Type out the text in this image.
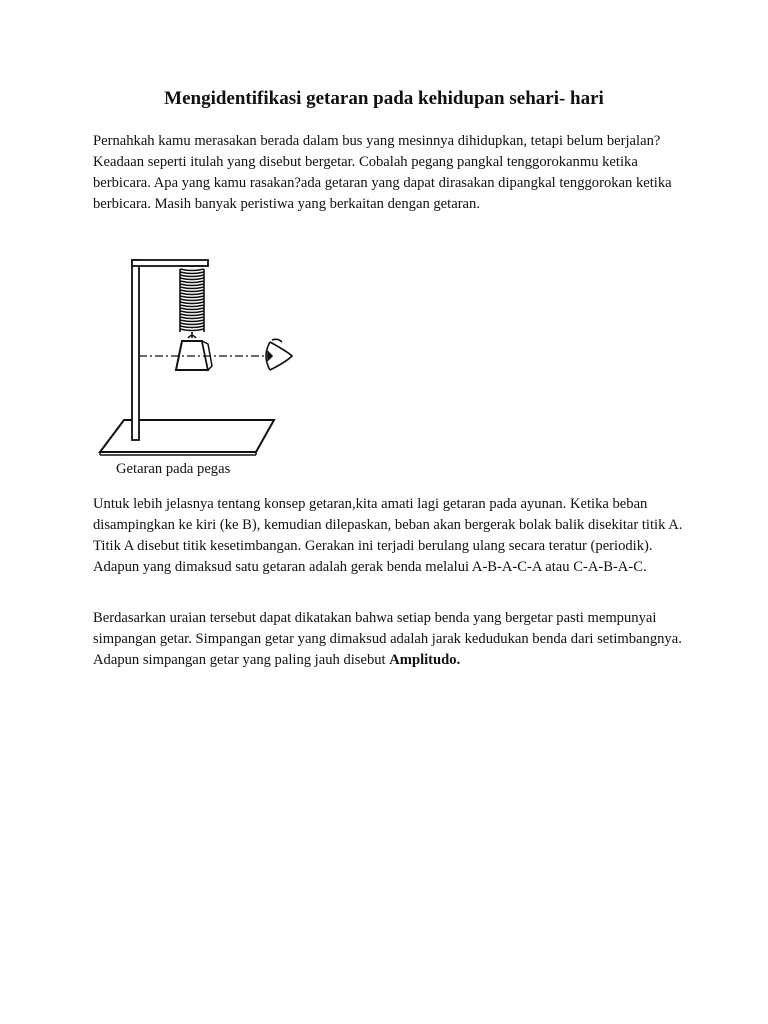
Mengidentifikasi getaran pada kehidupan sehari- hari

Pernahkah kamu merasakan berada dalam bus yang mesinnya dihidupkan, tetapi belum berjalan? Keadaan seperti itulah yang disebut bergetar. Cobalah pegang pangkal tenggorokanmu ketika berbicara. Apa yang kamu rasakan?ada getaran yang dapat dirasakan dipangkal tenggorokan ketika berbicara. Masih banyak peristiwa yang berkaitan dengan getaran.

Getaran pada pegas

Untuk lebih jelasnya tentang konsep getaran,kita amati lagi getaran pada ayunan. Ketika beban disampingkan ke kiri (ke B), kemudian dilepaskan, beban akan bergerak bolak balik disekitar titik A. Titik A disebut titik kesetimbangan. Gerakan ini terjadi berulang ulang secara teratur (periodik). Adapun yang dimaksud satu getaran adalah gerak benda melalui A-B-A-C-A atau C-A-B-A-C.

Berdasarkan uraian tersebut dapat dikatakan bahwa setiap benda yang bergetar pasti mempunyai simpangan getar. Simpangan getar yang dimaksud adalah jarak kedudukan benda dari setimbangnya. Adapun simpangan getar yang paling jauh disebut Amplitudo.
